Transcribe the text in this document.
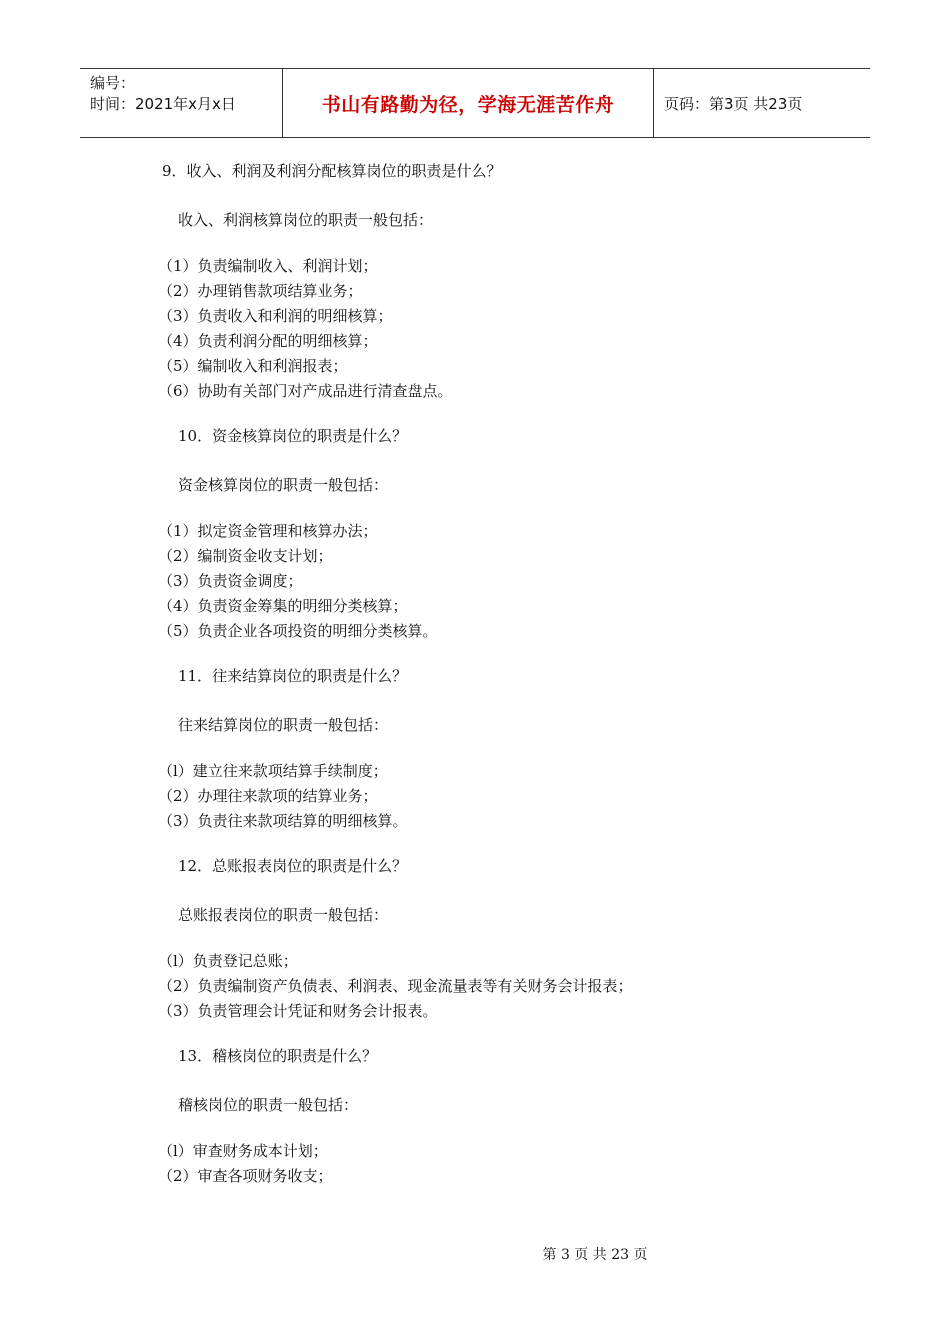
编号：
时间：2021年x月x日	书山有路勤为径，学海无涯苦作舟	页码：第3页 共23页
9．收入、利润及利润分配核算岗位的职责是什么？
收入、利润核算岗位的职责一般包括：
（1）负责编制收入、利润计划；
（2）办理销售款项结算业务；
（3）负责收入和利润的明细核算；
（4）负责利润分配的明细核算；
（5）编制收入和利润报表；
（6）协助有关部门对产成品进行清查盘点。
10．资金核算岗位的职责是什么？
资金核算岗位的职责一般包括：
（1）拟定资金管理和核算办法；
（2）编制资金收支计划；
（3）负责资金调度；
（4）负责资金筹集的明细分类核算；
（5）负责企业各项投资的明细分类核算。
11．往来结算岗位的职责是什么？
往来结算岗位的职责一般包括：
（l）建立往来款项结算手续制度；
（2）办理往来款项的结算业务；
（3）负责往来款项结算的明细核算。
12．总账报表岗位的职责是什么？
总账报表岗位的职责一般包括：
（l）负责登记总账；
（2）负责编制资产负债表、利润表、现金流量表等有关财务会计报表；
（3）负责管理会计凭证和财务会计报表。
13．稽核岗位的职责是什么？
稽核岗位的职责一般包括：
（l）审查财务成本计划；
（2）审查各项财务收支；
第 3 页 共 23 页
